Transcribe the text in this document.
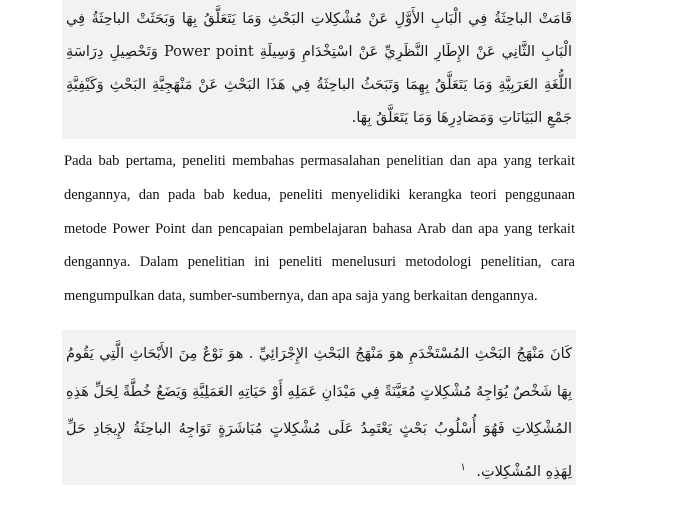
قَامَتْ الباحِثَةُ فِي الْبَابِ الأَوَّلِ عَنْ مُشْكِلاتِ البَحْثِ وَمَا يَتَعَلَّقُ بِهَا وَبَحَثَتْ الباحِثَةُ فِي الْبَابِ الثَّانِي عَنْ الإِطَارِ النَّظَرِيِّ عَنْ اسْتِخْدَامِ وَسِيلَةِ Power point وَتَحْصِيلِ دِرَاسَةِ اللُّغَةِ العَرَبِيَّةِ وَمَا يَتَعَلَّقُ بِهِمَا وَتَبَحَثُ الباحِثَةُ فِي هَذَا البَحْثِ عَنْ مَنْهَجِيَّةِ البَحْثِ وَكَيْفِيَّةِ جَمْعِ البَيَانَاتِ وَمَصَادِرِهَا وَمَا يَتَعَلَّقُ بِهَا.
Pada bab pertama, peneliti membahas permasalahan penelitian dan apa yang terkait dengannya, dan pada bab kedua, peneliti menyelidiki kerangka teori penggunaan metode Power Point dan pencapaian pembelajaran bahasa Arab dan apa yang terkait dengannya. Dalam penelitian ini peneliti menelusuri metodologi penelitian, cara mengumpulkan data, sumber-sumbernya, dan apa saja yang berkaitan dengannya.
كَانَ مَنْهَجُ البَحْثِ المُسْتَخْدَمِ هوَ مَنْهَجُ البَحْثِ الإِجْرَائِيِّ . هوَ نَوْعٌ مِنَ الأَبْحَاثِ الَّتِي يَقُومُ بِهَا شَخْصٌ يُوَاجِهُ مُشْكِلاتٍ مُعَيَّنَةً فِي مَيْدَانِ عَمَلِهِ أَوْ حَيَاتِهِ العَمَلِيَّةِ وَيَضَعُ خُطَّةً لِحَلِّ هَذِهِ المُشْكِلاتِ فَهُوَ أُسْلُوبُ بَحْثٍ يَعْتَمِدُ عَلَى مُشْكِلاتٍ مُبَاشَرَةٍ تَوَاجِهُ الباحِثَةُ لإِيجَادِ حَلِّ لِهَذِهِ المُشْكِلاتِ. $^١$
